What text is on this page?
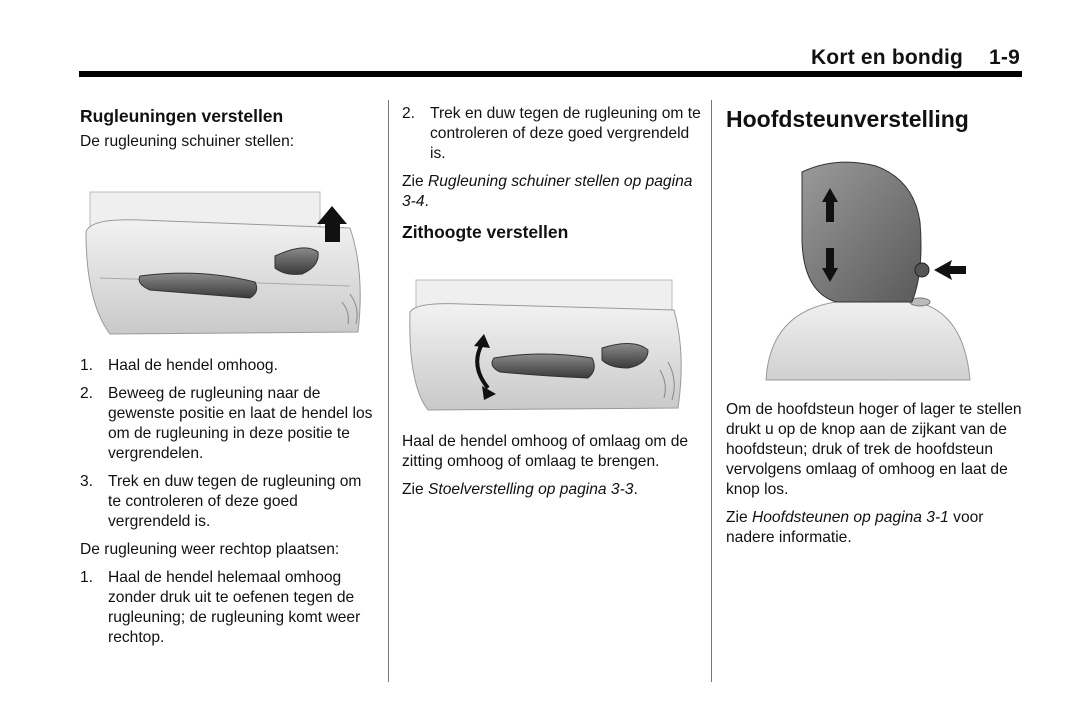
Kort en bondig 1-9
Rugleuningen verstellen

De rugleuning schuiner stellen:

1. Haal de hendel omhoog.
2. Beweeg de rugleuning naar de gewenste positie en laat de hendel los om de rugleuning in deze positie te vergrendelen.
3. Trek en duw tegen de rugleuning om te controleren of deze goed vergrendeld is.

De rugleuning weer rechtop plaatsen:

1. Haal de hendel helemaal omhoog zonder druk uit te oefenen tegen de rugleuning; de rugleuning komt weer rechtop.
2. Trek en duw tegen de rugleuning om te controleren of deze goed vergrendeld is.

Zie Rugleuning schuiner stellen op pagina 3-4.

Zithoogte verstellen

Haal de hendel omhoog of omlaag om de zitting omhoog of omlaag te brengen.

Zie Stoelverstelling op pagina 3-3.

Hoofdsteunverstelling

Om de hoofdsteun hoger of lager te stellen drukt u op de knop aan de zijkant van de hoofdsteun; druk of trek de hoofdsteun vervolgens omlaag of omhoog en laat de knop los.

Zie Hoofdsteunen op pagina 3-1 voor nadere informatie.
